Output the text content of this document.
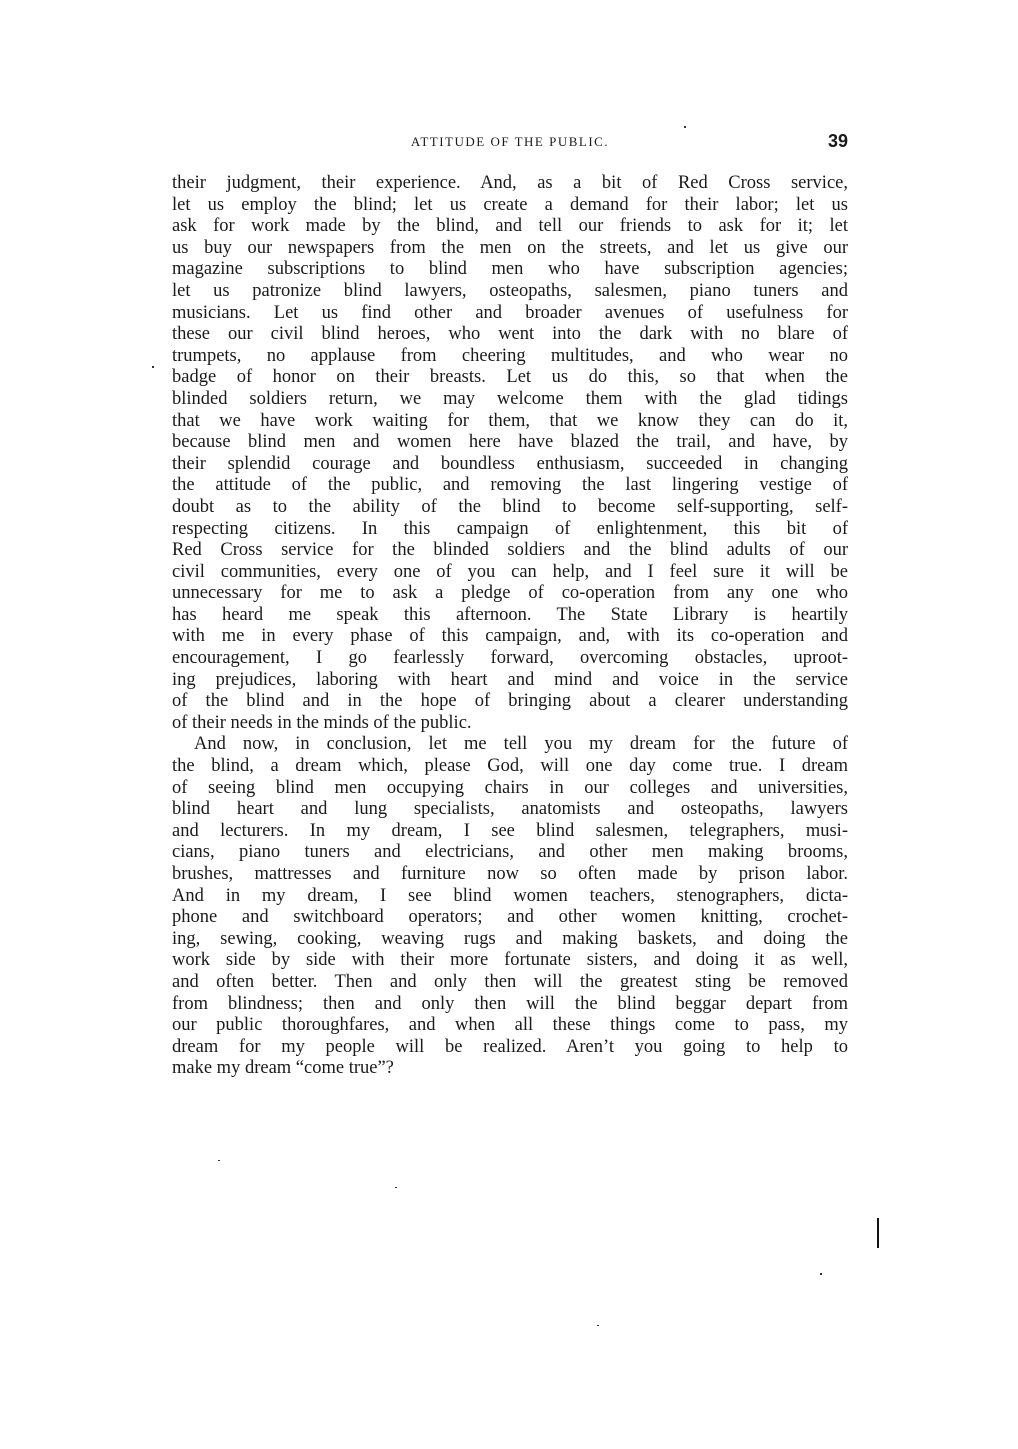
ATTITUDE OF THE PUBLIC.	39
their judgment, their experience. And, as a bit of Red Cross service,
let us employ the blind; let us create a demand for their labor; let us
ask for work made by the blind, and tell our friends to ask for it; let
us buy our newspapers from the men on the streets, and let us give our
magazine subscriptions to blind men who have subscription agencies;
let us patronize blind lawyers, osteopaths, salesmen, piano tuners and
musicians. Let us find other and broader avenues of usefulness for
these our civil blind heroes, who went into the dark with no blare of
trumpets, no applause from cheering multitudes, and who wear no
badge of honor on their breasts. Let us do this, so that when the
blinded soldiers return, we may welcome them with the glad tidings
that we have work waiting for them, that we know they can do it,
because blind men and women here have blazed the trail, and have, by
their splendid courage and boundless enthusiasm, succeeded in changing
the attitude of the public, and removing the last lingering vestige of
doubt as to the ability of the blind to become self-supporting, self-
respecting citizens. In this campaign of enlightenment, this bit of
Red Cross service for the blinded soldiers and the blind adults of our
civil communities, every one of you can help, and I feel sure it will be
unnecessary for me to ask a pledge of co-operation from any one who
has heard me speak this afternoon. The State Library is heartily
with me in every phase of this campaign, and, with its co-operation and
encouragement, I go fearlessly forward, overcoming obstacles, uproot-
ing prejudices, laboring with heart and mind and voice in the service
of the blind and in the hope of bringing about a clearer understanding
of their needs in the minds of the public.
And now, in conclusion, let me tell you my dream for the future of
the blind, a dream which, please God, will one day come true. I dream
of seeing blind men occupying chairs in our colleges and universities,
blind heart and lung specialists, anatomists and osteopaths, lawyers
and lecturers. In my dream, I see blind salesmen, telegraphers, musi-
cians, piano tuners and electricians, and other men making brooms,
brushes, mattresses and furniture now so often made by prison labor.
And in my dream, I see blind women teachers, stenographers, dicta-
phone and switchboard operators; and other women knitting, crochet-
ing, sewing, cooking, weaving rugs and making baskets, and doing the
work side by side with their more fortunate sisters, and doing it as well,
and often better. Then and only then will the greatest sting be removed
from blindness; then and only then will the blind beggar depart from
our public thoroughfares, and when all these things come to pass, my
dream for my people will be realized. Aren’t you going to help to
make my dream “come true”?
